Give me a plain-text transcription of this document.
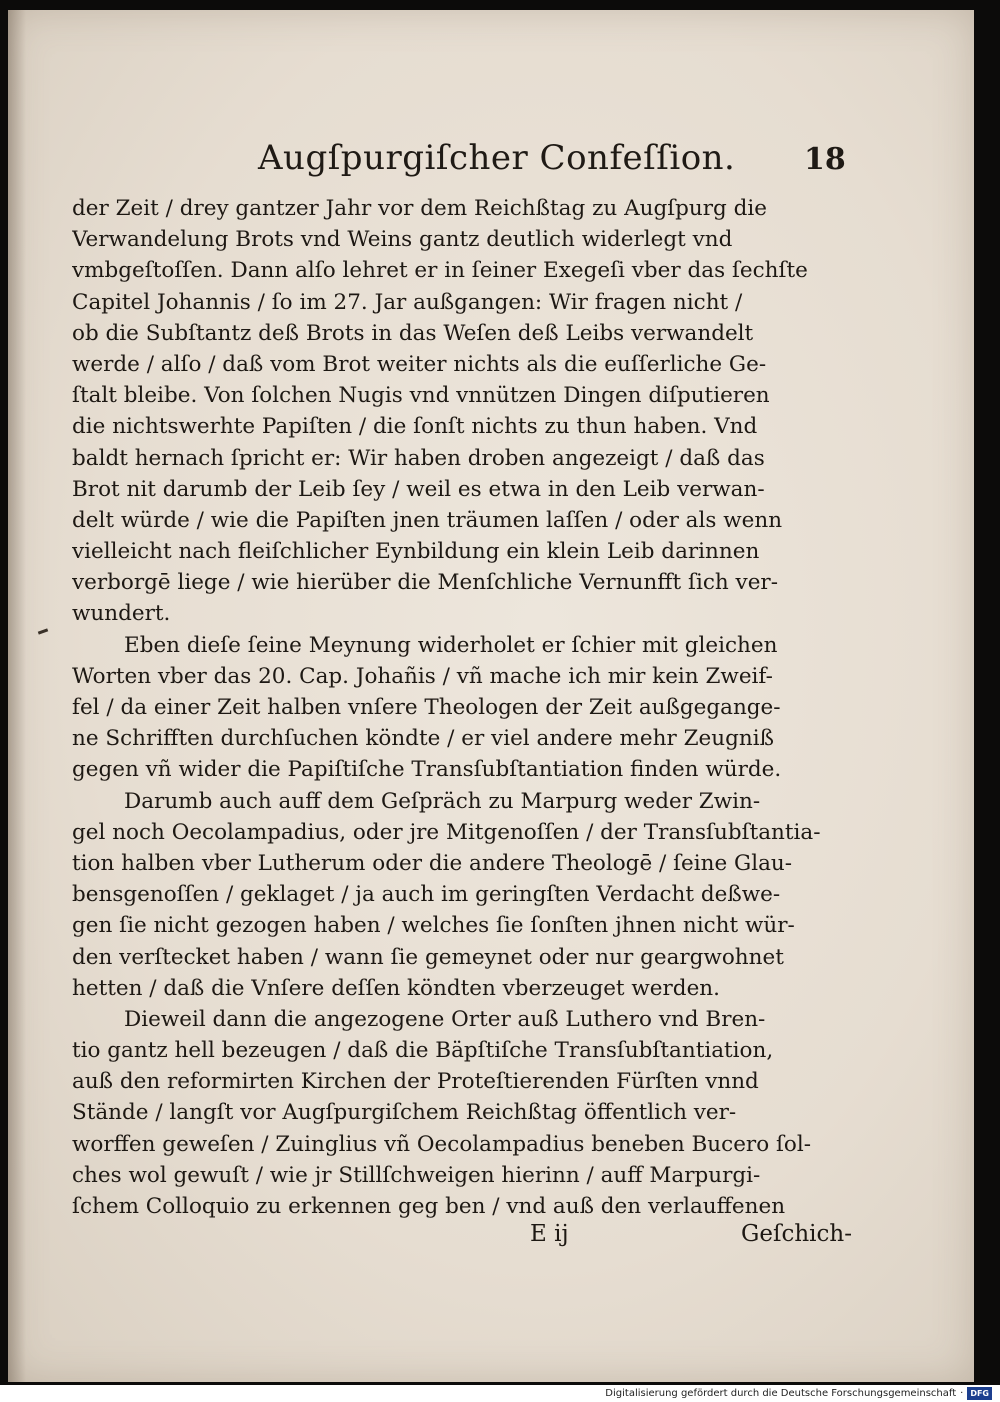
Augſpurgiſcher Confeſſion. 18
der Zeit / drey gantzer Jahr vor dem Reichßtag zu Augſpurg die
Verwandelung Brots vnd Weins gantz deutlich widerlegt vnd
vmbgeſtoſſen. Dann alſo lehret er in ſeiner Exegeſi vber das ſechſte
Capitel Johannis / ſo im 27. Jar außgangen: Wir fragen nicht /
ob die Subſtantz deß Brots in das Weſen deß Leibs verwandelt
werde / alſo / daß vom Brot weiter nichts als die euſſerliche Ge-
ſtalt bleibe. Von ſolchen Nugis vnd vnnützen Dingen diſputieren
die nichtswerhte Papiſten / die ſonſt nichts zu thun haben. Vnd
baldt hernach ſpricht er: Wir haben droben angezeigt / daß das
Brot nit darumb der Leib ſey / weil es etwa in den Leib verwan-
delt würde / wie die Papiſten jnen träumen laſſen / oder als wenn
vielleicht nach fleiſchlicher Eynbildung ein klein Leib darinnen
verborgē liege / wie hierüber die Menſchliche Vernunfft ſich ver-
wundert.
Eben dieſe ſeine Meynung widerholet er ſchier mit gleichen
Worten vber das 20. Cap. Johañis / vñ mache ich mir kein Zweif-
fel / da einer Zeit halben vnſere Theologen der Zeit außgegange-
ne Schrifften durchſuchen köndte / er viel andere mehr Zeugniß
gegen vñ wider die Papiſtiſche Transſubſtantiation finden würde.
Darumb auch auff dem Geſpräch zu Marpurg weder Zwin-
gel noch Oecolampadius, oder jre Mitgenoſſen / der Transſubſtantia-
tion halben vber Lutherum oder die andere Theologē / ſeine Glau-
bensgenoſſen / geklaget / ja auch im geringſten Verdacht deßwe-
gen ſie nicht gezogen haben / welches ſie ſonſten jhnen nicht wür-
den verſtecket haben / wann ſie gemeynet oder nur geargwohnet
hetten / daß die Vnſere deſſen köndten vberzeuget werden.
Dieweil dann die angezogene Orter auß Luthero vnd Bren-
tio gantz hell bezeugen / daß die Bäpſtiſche Transſubſtantiation,
auß den reformirten Kirchen der Proteſtierenden Fürſten vnnd
Stände / langſt vor Augſpurgiſchem Reichßtag öffentlich ver-
worffen geweſen / Zuinglius vñ Oecolampadius beneben Bucero ſol-
ches wol gewuſt / wie jr Stillſchweigen hierinn / auff Marpurgi-
ſchem Colloquio zu erkennen geg ben / vnd auß den verlauffenen
E ij	Geſchich-
Digitalisierung gefördert durch die Deutsche Forschungsgemeinschaft · DFG
